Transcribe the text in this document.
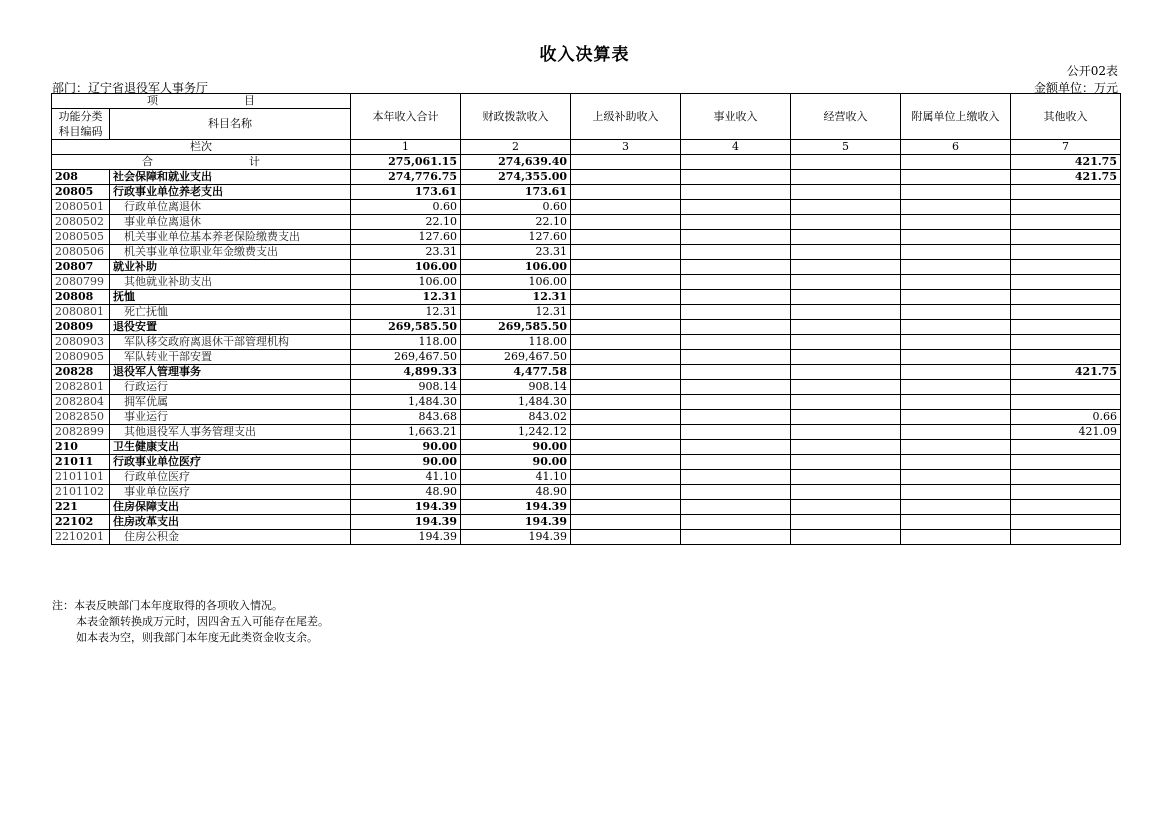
收入决算表
公开02表
部门：辽宁省退役军人事务厅	金额单位：万元
项 目		本年收入合计	财政拨款收入	上级补助收入	事业收入	经营收入	附属单位上缴收入	其他收入
功能分类科目编码	科目名称							
栏次		1	2	3	4	5	6	7
合 计		275,061.15	274,639.40					421.75
208	社会保障和就业支出	274,776.75	274,355.00					421.75
20805	行政事业单位养老支出	173.61	173.61					
2080501	行政单位离退休	0.60	0.60					
2080502	事业单位离退休	22.10	22.10					
2080505	机关事业单位基本养老保险缴费支出	127.60	127.60					
2080506	机关事业单位职业年金缴费支出	23.31	23.31					
20807	就业补助	106.00	106.00					
2080799	其他就业补助支出	106.00	106.00					
20808	抚恤	12.31	12.31					
2080801	死亡抚恤	12.31	12.31					
20809	退役安置	269,585.50	269,585.50					
2080903	军队移交政府离退休干部管理机构	118.00	118.00					
2080905	军队转业干部安置	269,467.50	269,467.50					
20828	退役军人管理事务	4,899.33	4,477.58					421.75
2082801	行政运行	908.14	908.14					
2082804	拥军优属	1,484.30	1,484.30					
2082850	事业运行	843.68	843.02					0.66
2082899	其他退役军人事务管理支出	1,663.21	1,242.12					421.09
210	卫生健康支出	90.00	90.00					
21011	行政事业单位医疗	90.00	90.00					
2101101	行政单位医疗	41.10	41.10					
2101102	事业单位医疗	48.90	48.90					
221	住房保障支出	194.39	194.39					
22102	住房改革支出	194.39	194.39					
2210201	住房公积金	194.39	194.39					
注：本表反映部门本年度取得的各项收入情况。
本表金额转换成万元时，因四舍五入可能存在尾差。
如本表为空，则我部门本年度无此类资金收支余。
